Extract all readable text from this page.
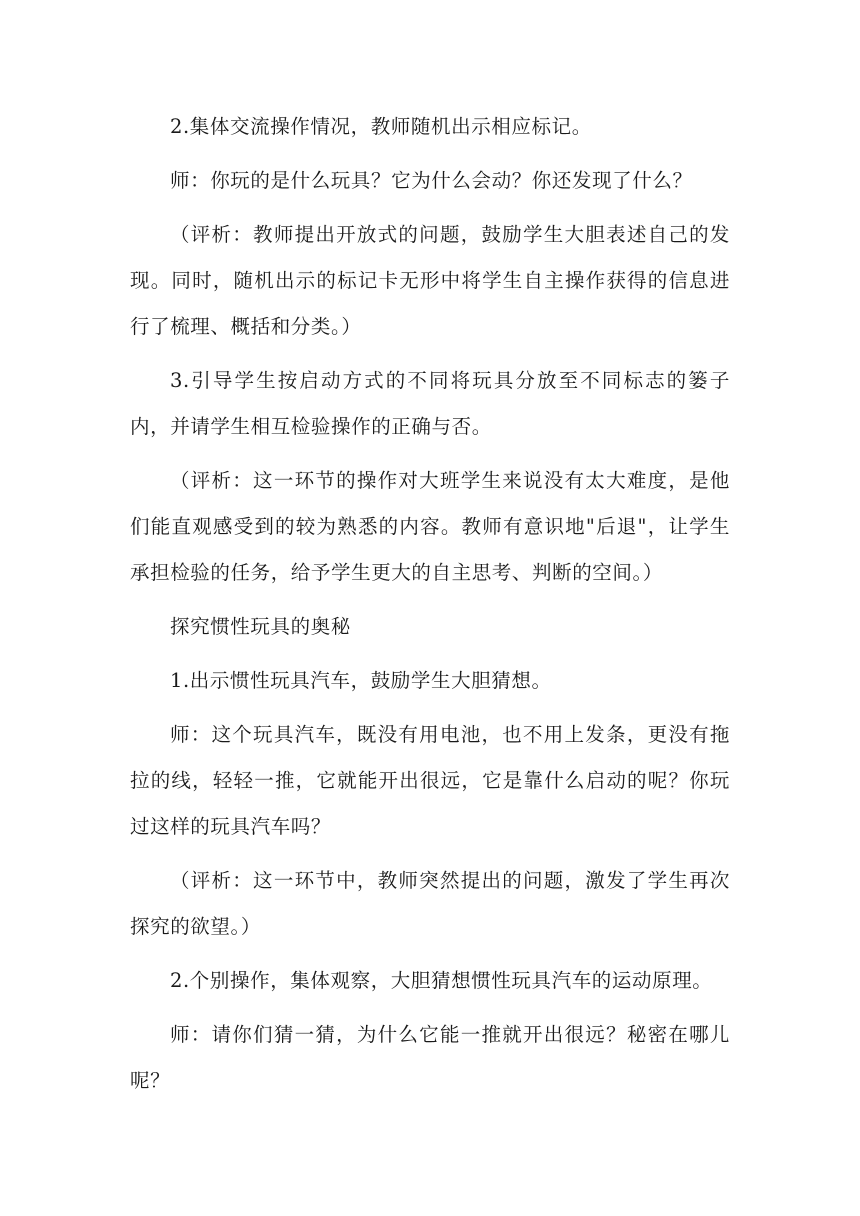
2.集体交流操作情况，教师随机出示相应标记。

师：你玩的是什么玩具？它为什么会动？你还发现了什么？

（评析：教师提出开放式的问题，鼓励学生大胆表述自己的发现。同时，随机出示的标记卡无形中将学生自主操作获得的信息进行了梳理、概括和分类。）

3.引导学生按启动方式的不同将玩具分放至不同标志的篓子内，并请学生相互检验操作的正确与否。

（评析：这一环节的操作对大班学生来说没有太大难度，是他们能直观感受到的较为熟悉的内容。教师有意识地"后退"，让学生承担检验的任务，给予学生更大的自主思考、判断的空间。）

探究惯性玩具的奥秘

1.出示惯性玩具汽车，鼓励学生大胆猜想。

师：这个玩具汽车，既没有用电池，也不用上发条，更没有拖拉的线，轻轻一推，它就能开出很远，它是靠什么启动的呢？你玩过这样的玩具汽车吗？

（评析：这一环节中，教师突然提出的问题，激发了学生再次探究的欲望。）

2.个别操作，集体观察，大胆猜想惯性玩具汽车的运动原理。

师：请你们猜一猜，为什么它能一推就开出很远？秘密在哪儿呢？
